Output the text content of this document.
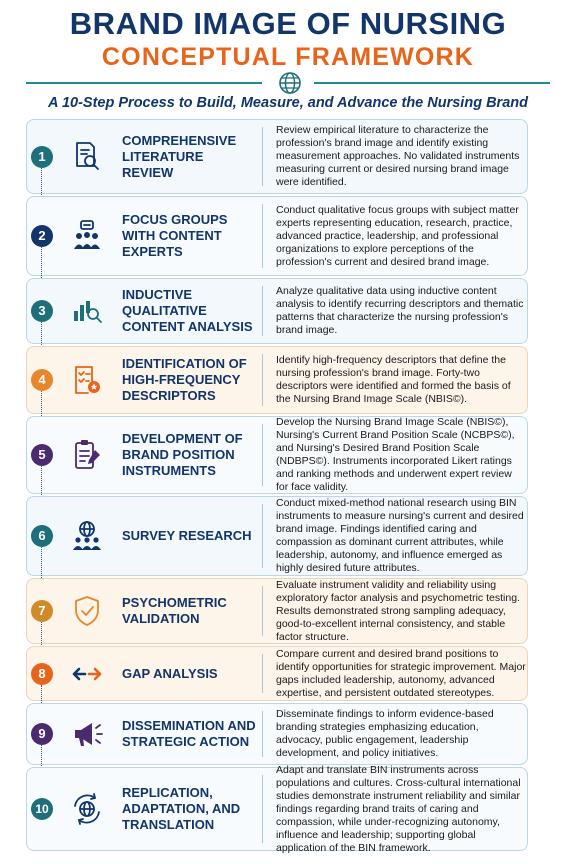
BRAND IMAGE OF NURSING
CONCEPTUAL FRAMEWORK
A 10-Step Process to Build, Measure, and Advance the Nursing Brand
1
COMPREHENSIVE LITERATURE REVIEW
Review empirical literature to characterize the profession's brand image and identify existing measurement approaches. No validated instruments measuring current or desired nursing brand image were identified.
2
FOCUS GROUPS WITH CONTENT EXPERTS
Conduct qualitative focus groups with subject matter experts representing education, research, practice, advanced practice, leadership, and professional organizations to explore perceptions of the profession's current and desired brand image.
3
INDUCTIVE QUALITATIVE CONTENT ANALYSIS
Analyze qualitative data using inductive content analysis to identify recurring descriptors and thematic patterns that characterize the nursing profession's brand image.
4
IDENTIFICATION OF HIGH-FREQUENCY DESCRIPTORS
Identify high-frequency descriptors that define the nursing profession's brand image. Forty-two descriptors were identified and formed the basis of the Nursing Brand Image Scale (NBIS©).
5
DEVELOPMENT OF BRAND POSITION INSTRUMENTS
Develop the Nursing Brand Image Scale (NBIS©), Nursing's Current Brand Position Scale (NCBPS©), and Nursing's Desired Brand Position Scale (NDBPS©). Instruments incorporated Likert ratings and ranking methods and underwent expert review for face validity.
6	SURVEY RESEARCH
Conduct mixed-method national research using BIN instruments to measure nursing's current and desired brand image. Findings identified caring and compassion as dominant current attributes, while leadership, autonomy, and influence emerged as highly desired future attributes.
7
PSYCHOMETRIC VALIDATION
Evaluate instrument validity and reliability using exploratory factor analysis and psychometric testing. Results demonstrated strong sampling adequacy, good-to-excellent internal consistency, and stable factor structure.
8	GAP ANALYSIS
Compare current and desired brand positions to identify opportunities for strategic improvement. Major gaps included leadership, autonomy, advanced expertise, and persistent outdated stereotypes.
9
DISSEMINATION AND STRATEGIC ACTION
Disseminate findings to inform evidence-based branding strategies emphasizing education, advocacy, public engagement, leadership development, and policy initiatives.
10
REPLICATION, ADAPTATION, AND TRANSLATION
Adapt and translate BIN instruments across populations and cultures. Cross-cultural international studies demonstrate instrument reliability and similar findings regarding brand traits of caring and compassion, while under-recognizing autonomy, influence and leadership; supporting global application of the BIN framework.
